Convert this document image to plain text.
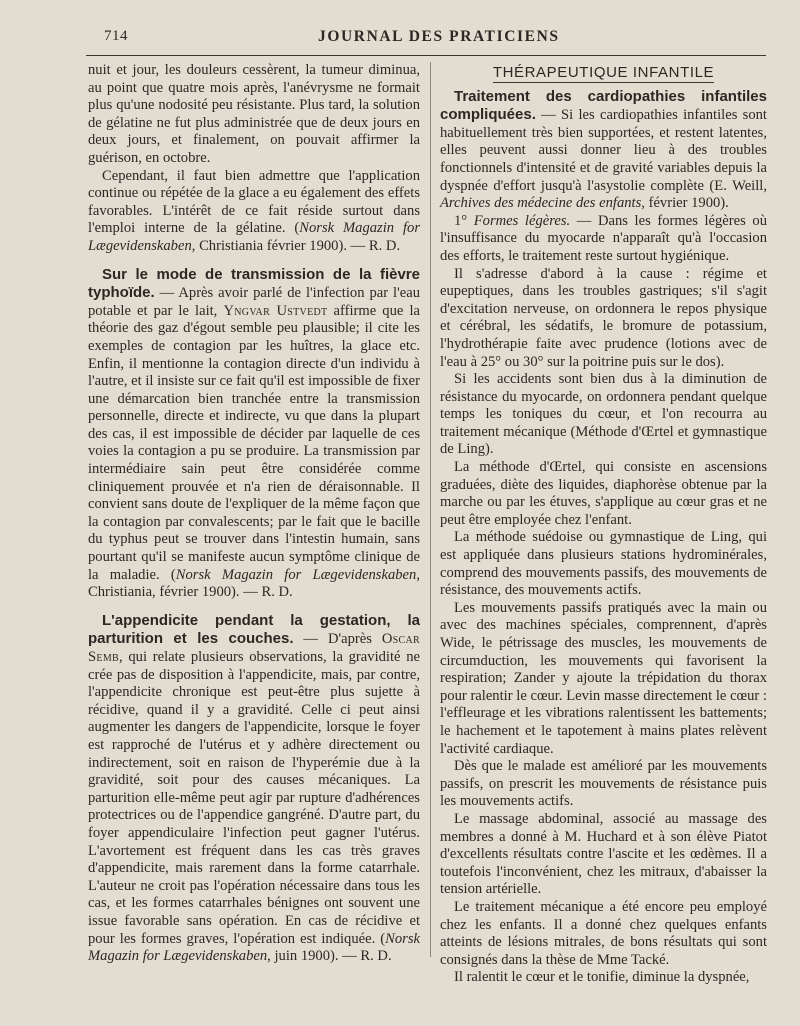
714	JOURNAL DES PRATICIENS

nuit et jour, les douleurs cessèrent, la tumeur diminua, au point que quatre mois après, l'anévrysme ne formait plus qu'une nodosité peu résistante. Plus tard, la solution de gélatine ne fut plus administrée que de deux jours en deux jours, et finalement, on pouvait affirmer la guérison, en octobre.

Cependant, il faut bien admettre que l'application continue ou répétée de la glace a eu également des effets favorables. L'intérêt de ce fait réside surtout dans l'emploi interne de la gélatine. (Norsk Magazin for Lægevidenskaben, Christiania février 1900). — R. D.

Sur le mode de transmission de la fièvre typhoïde. — Après avoir parlé de l'infection par l'eau potable et par le lait, Yngvar Ustvedt affirme que la théorie des gaz d'égout semble peu plausible; il cite les exemples de contagion par les huîtres, la glace etc. Enfin, il mentionne la contagion directe d'un individu à l'autre, et il insiste sur ce fait qu'il est impossible de fixer une démarcation bien tranchée entre la transmission personnelle, directe et indirecte, vu que dans la plupart des cas, il est impossible de décider par laquelle de ces voies la contagion a pu se produire. La transmission par intermédiaire sain peut être considérée comme cliniquement prouvée et n'a rien de déraisonnable. Il convient sans doute de l'expliquer de la même façon que la contagion par convalescents; par le fait que le bacille du typhus peut se trouver dans l'intestin humain, sans pourtant qu'il se manifeste aucun symptôme clinique de la maladie. (Norsk Magazin for Lægevidenskaben, Christiania, février 1900). — R. D.

L'appendicite pendant la gestation, la parturition et les couches. — D'après Oscar Semb, qui relate plusieurs observations, la gravidité ne crée pas de disposition à l'appendicite, mais, par contre, l'appendicite chronique est peut-être plus sujette à récidive, quand il y a gravidité. Celle ci peut ainsi augmenter les dangers de l'appendicite, lorsque le foyer est rapproché de l'utérus et y adhère directement ou indirectement, soit en raison de l'hyperémie due à la gravidité, soit pour des causes mécaniques. La parturition elle-même peut agir par rupture d'adhérences protectrices ou de l'appendice gangréné. D'autre part, du foyer appendiculaire l'infection peut gagner l'utérus. L'avortement est fréquent dans les cas très graves d'appendicite, mais rarement dans la forme catarrhale. L'auteur ne croit pas l'opération nécessaire dans tous les cas, et les formes catarrhales bénignes ont souvent une issue favorable sans opération. En cas de récidive et pour les formes graves, l'opération est indiquée. (Norsk Magazin for Lægevidenskaben, juin 1900). — R. D.

THÉRAPEUTIQUE INFANTILE

Traitement des cardiopathies infantiles compliquées. — Si les cardiopathies infantiles sont habituellement très bien supportées, et restent latentes, elles peuvent aussi donner lieu à des troubles fonctionnels d'intensité et de gravité variables depuis la dyspnée d'effort jusqu'à l'asystolie complète (E. Weill, Archives des médecine des enfants, février 1900).

1° Formes légères. — Dans les formes légères où l'insuffisance du myocarde n'apparaît qu'à l'occasion des efforts, le traitement reste surtout hygiénique.

Il s'adresse d'abord à la cause : régime et eupeptiques, dans les troubles gastriques; s'il s'agit d'excitation nerveuse, on ordonnera le repos physique et cérébral, les sédatifs, le bromure de potassium, l'hydrothérapie faite avec prudence (lotions avec de l'eau à 25° ou 30° sur la poitrine puis sur le dos).

Si les accidents sont bien dus à la diminution de résistance du myocarde, on ordonnera pendant quelque temps les toniques du cœur, et l'on recourra au traitement mécanique (Méthode d'Œrtel et gymnastique de Ling).

La méthode d'Œrtel, qui consiste en ascensions graduées, diète des liquides, diaphorèse obtenue par la marche ou par les étuves, s'applique au cœur gras et ne peut être employée chez l'enfant.

La méthode suédoise ou gymnastique de Ling, qui est appliquée dans plusieurs stations hydrominérales, comprend des mouvements passifs, des mouvements de résistance, des mouvements actifs.

Les mouvements passifs pratiqués avec la main ou avec des machines spéciales, comprennent, d'après Wide, le pétrissage des muscles, les mouvements de circumduction, les mouvements qui favorisent la respiration; Zander y ajoute la trépidation du thorax pour ralentir le cœur. Levin masse directement le cœur : l'effleurage et les vibrations ralentissent les battements; le hachement et le tapotement à mains plates relèvent l'activité cardiaque.

Dès que le malade est amélioré par les mouvements passifs, on prescrit les mouvements de résistance puis les mouvements actifs.

Le massage abdominal, associé au massage des membres a donné à M. Huchard et à son élève Piatot d'excellents résultats contre l'ascite et les œdèmes. Il a toutefois l'inconvénient, chez les mitraux, d'abaisser la tension artérielle.

Le traitement mécanique a été encore peu employé chez les enfants. Il a donné chez quelques enfants atteints de lésions mitrales, de bons résultats qui sont consignés dans la thèse de Mme Tacké.

Il ralentit le cœur et le tonifie, diminue la dyspnée,
